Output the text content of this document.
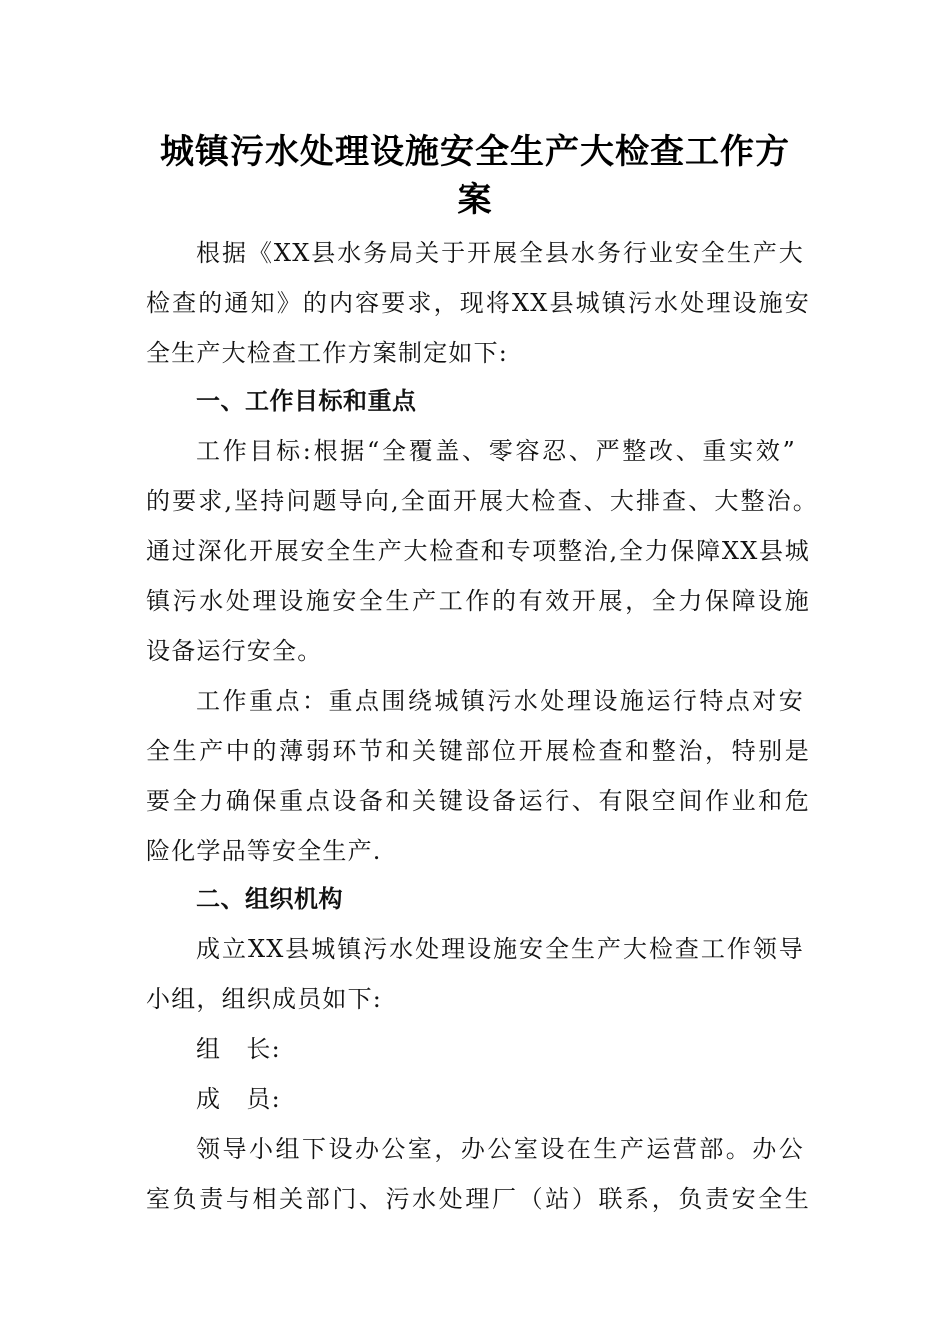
城镇污水处理设施安全生产大检查工作方
案
根据《XX县水务局关于开展全县水务行业安全生产大
检查的通知》的内容要求，现将XX县城镇污水处理设施安
全生产大检查工作方案制定如下:
一、工作目标和重点
工作目标:根据“全覆盖、零容忍、严整改、重实效”
的要求,坚持问题导向,全面开展大检查、大排查、大整治。
通过深化开展安全生产大检查和专项整治,全力保障XX县城
镇污水处理设施安全生产工作的有效开展，全力保障设施
设备运行安全。
工作重点：重点围绕城镇污水处理设施运行特点对安
全生产中的薄弱环节和关键部位开展检查和整治，特别是
要全力确保重点设备和关键设备运行、有限空间作业和危
险化学品等安全生产.
二、组织机构
成立XX县城镇污水处理设施安全生产大检查工作领导
小组，组织成员如下:
组　长:
成　员:
领导小组下设办公室，办公室设在生产运营部。办公
室负责与相关部门、污水处理厂（站）联系，负责安全生
